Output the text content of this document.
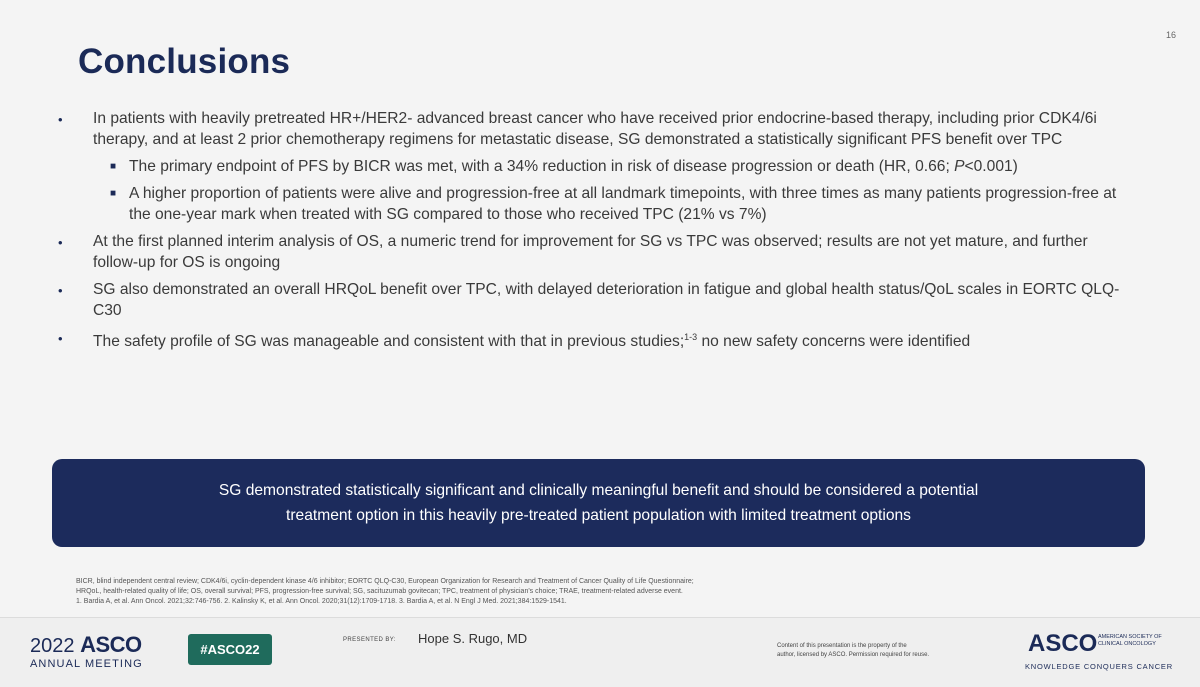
16
Conclusions
• In patients with heavily pretreated HR+/HER2- advanced breast cancer who have received prior endocrine-based therapy, including prior CDK4/6i therapy, and at least 2 prior chemotherapy regimens for metastatic disease, SG demonstrated a statistically significant PFS benefit over TPC
■ The primary endpoint of PFS by BICR was met, with a 34% reduction in risk of disease progression or death (HR, 0.66; P<0.001)
■ A higher proportion of patients were alive and progression-free at all landmark timepoints, with three times as many patients progression-free at the one-year mark when treated with SG compared to those who received TPC (21% vs 7%)
• At the first planned interim analysis of OS, a numeric trend for improvement for SG vs TPC was observed; results are not yet mature, and further follow-up for OS is ongoing
• SG also demonstrated an overall HRQoL benefit over TPC, with delayed deterioration in fatigue and global health status/QoL scales in EORTC QLQ-C30
• The safety profile of SG was manageable and consistent with that in previous studies;$^{1-3}$ no new safety concerns were identified
SG demonstrated statistically significant and clinically meaningful benefit and should be considered a potential
treatment option in this heavily pre-treated patient population with limited treatment options
BICR, blind independent central review; CDK4/6i, cyclin-dependent kinase 4/6 inhibitor; EORTC QLQ-C30, European Organization for Research and Treatment of Cancer Quality of Life Questionnaire;
HRQoL, health-related quality of life; OS, overall survival; PFS, progression-free survival; SG, sacituzumab govitecan; TPC, treatment of physician's choice; TRAE, treatment-related adverse event.
1. Bardia A, et al. Ann Oncol. 2021;32:746-756. 2. Kalinsky K, et al. Ann Oncol. 2020;31(12):1709-1718. 3. Bardia A, et al. N Engl J Med. 2021;384:1529-1541.
2022 ASCO
ANNUAL MEETING
#ASCO22
PRESENTED BY: Hope S. Rugo, MD	Content of this presentation is the property of the
author, licensed by ASCO. Permission required for reuse.	ASCO AMERICAN SOCIETY OF
CLINICAL ONCOLOGY
KNOWLEDGE CONQUERS CANCER
